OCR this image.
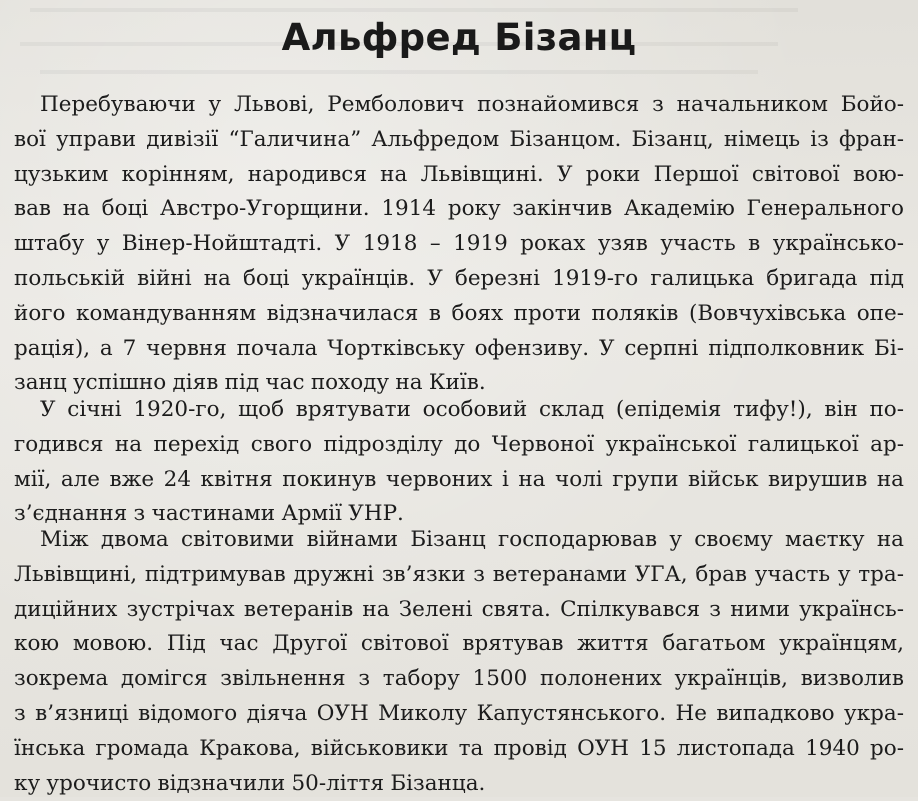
Альфред Бізанц
Перебуваючи у Львові, Ремболович познайомився з начальником Бойо-
вої управи дивізії “Галичина” Альфредом Бізанцом. Бізанц, німець із фран-
цузьким корінням, народився на Львівщині. У роки Першої світової вою-
вав на боці Австро-Угорщини. 1914 року закінчив Академію Генерального
штабу у Вінер-Нойштадті. У 1918 – 1919 роках узяв участь в українсько-
польській війні на боці українців. У березні 1919-го галицька бригада під
його командуванням відзначилася в боях проти поляків (Вовчухівська опе-
рація), а 7 червня почала Чортківську офензиву. У серпні підполковник Бі-
занц успішно діяв під час походу на Київ.
У січні 1920-го, щоб врятувати особовий склад (епідемія тифу!), він по-
годився на перехід свого підрозділу до Червоної української галицької ар-
мії, але вже 24 квітня покинув червоних і на чолі групи військ вирушив на
з’єднання з частинами Армії УНР.
Між двома світовими війнами Бізанц господарював у своєму маєтку на
Львівщині, підтримував дружні зв’язки з ветеранами УГА, брав участь у тра-
диційних зустрічах ветеранів на Зелені свята. Спілкувався з ними українсь-
кою мовою. Під час Другої світової врятував життя багатьом українцям,
зокрема домігся звільнення з табору 1500 полонених українців, визволив
з в’язниці відомого діяча ОУН Миколу Капустянського. Не випадково укра-
їнська громада Кракова, військовики та провід ОУН 15 листопада 1940 ро-
ку урочисто відзначили 50-ліття Бізанца.
